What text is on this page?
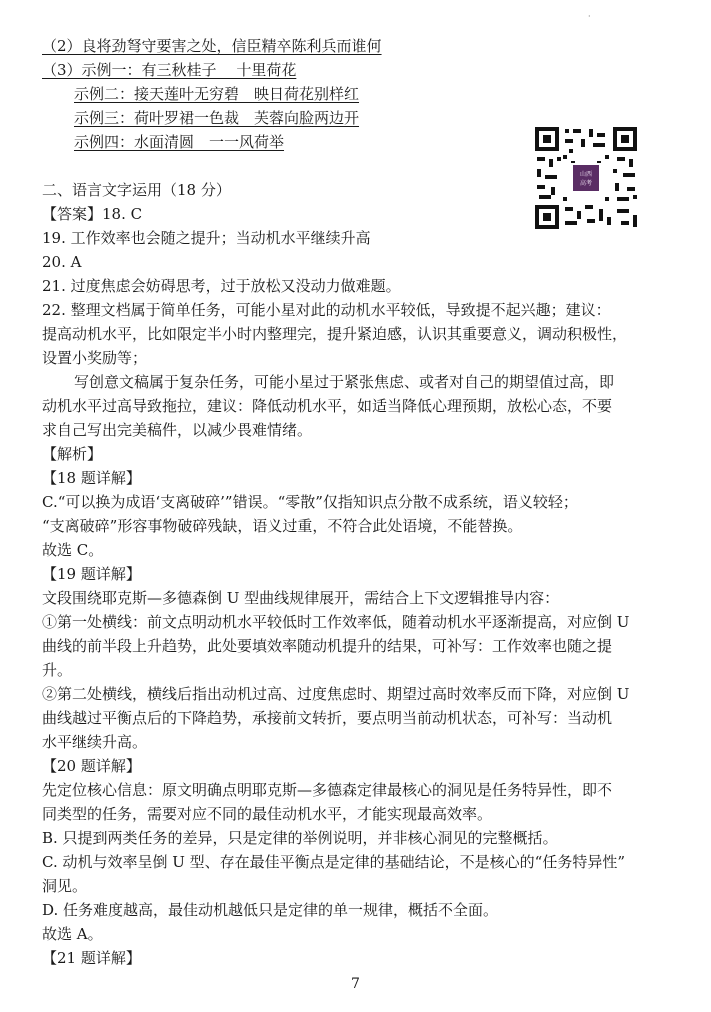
·
（2）良将劲弩守要害之处，信臣精卒陈利兵而谁何
（3）示例一：有三秋桂子　 十里荷花
示例二：接天莲叶无穷碧　映日荷花别样红
示例三：荷叶罗裙一色裁　芙蓉向脸两边开
示例四：水面清圆　一一风荷举
山西
高考
二、语言文字运用（18 分）
【答案】18. C
19. 工作效率也会随之提升；当动机水平继续升高
20. A
21. 过度焦虑会妨碍思考，过于放松又没动力做难题。
22. 整理文档属于简单任务，可能小星对此的动机水平较低，导致提不起兴趣；建议：
提高动机水平，比如限定半小时内整理完，提升紧迫感，认识其重要意义，调动积极性，
设置小奖励等；
写创意文稿属于复杂任务，可能小星过于紧张焦虑、或者对自己的期望值过高，即
动机水平过高导致拖拉，建议：降低动机水平，如适当降低心理预期，放松心态，不要
求自己写出完美稿件，以减少畏难情绪。
【解析】
【18 题详解】
C.“可以换为成语‘支离破碎’”错误。“零散”仅指知识点分散不成系统，语义较轻；
“支离破碎”形容事物破碎残缺，语义过重，不符合此处语境，不能替换。
故选 C。
【19 题详解】
文段围绕耶克斯—多德森倒 U 型曲线规律展开，需结合上下文逻辑推导内容：
①第一处横线：前文点明动机水平较低时工作效率低，随着动机水平逐渐提高，对应倒 U
曲线的前半段上升趋势，此处要填效率随动机提升的结果，可补写：工作效率也随之提
升。
②第二处横线，横线后指出动机过高、过度焦虑时、期望过高时效率反而下降，对应倒 U
曲线越过平衡点后的下降趋势，承接前文转折，要点明当前动机状态，可补写：当动机
水平继续升高。
【20 题详解】
先定位核心信息：原文明确点明耶克斯—多德森定律最核心的洞见是任务特异性，即不
同类型的任务，需要对应不同的最佳动机水平，才能实现最高效率。
B. 只提到两类任务的差异，只是定律的举例说明，并非核心洞见的完整概括。
C. 动机与效率呈倒 U 型、存在最佳平衡点是定律的基础结论，不是核心的“任务特异性”
洞见。
D. 任务难度越高，最佳动机越低只是定律的单一规律，概括不全面。
故选 A。
【21 题详解】
7
